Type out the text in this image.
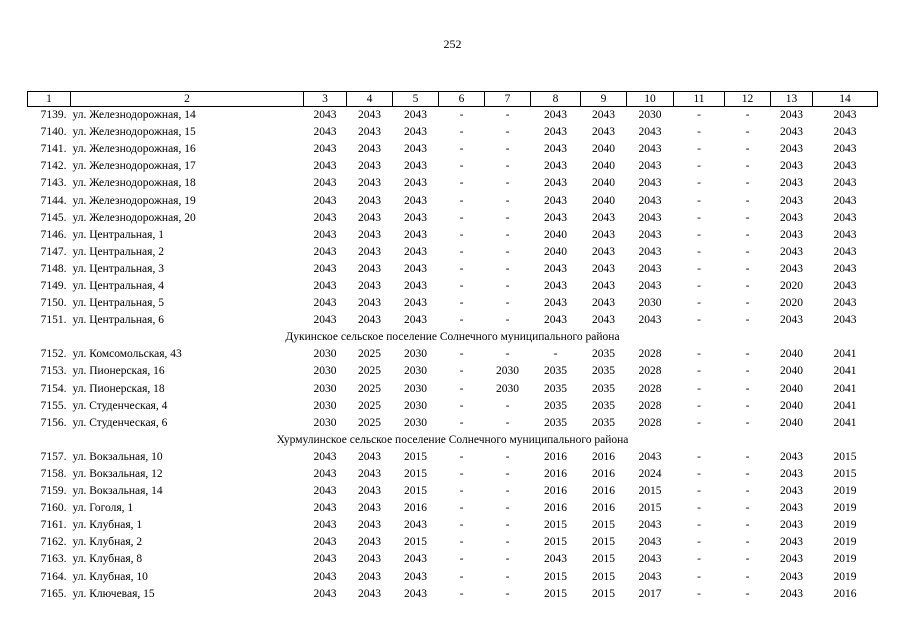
252
1	2	3	4	5	6	7	8	9	10	11	12	13	14
7139.	ул. Железнодорожная, 14	2043	2043	2043	-	-	2043	2043	2030	-	-	2043	2043
7140.	ул. Железнодорожная, 15	2043	2043	2043	-	-	2043	2043	2043	-	-	2043	2043
7141.	ул. Железнодорожная, 16	2043	2043	2043	-	-	2043	2040	2043	-	-	2043	2043
7142.	ул. Железнодорожная, 17	2043	2043	2043	-	-	2043	2040	2043	-	-	2043	2043
7143.	ул. Железнодорожная, 18	2043	2043	2043	-	-	2043	2040	2043	-	-	2043	2043
7144.	ул. Железнодорожная, 19	2043	2043	2043	-	-	2043	2040	2043	-	-	2043	2043
7145.	ул. Железнодорожная, 20	2043	2043	2043	-	-	2043	2043	2043	-	-	2043	2043
7146.	ул. Центральная, 1	2043	2043	2043	-	-	2040	2043	2043	-	-	2043	2043
7147.	ул. Центральная, 2	2043	2043	2043	-	-	2040	2043	2043	-	-	2043	2043
7148.	ул. Центральная, 3	2043	2043	2043	-	-	2043	2043	2043	-	-	2043	2043
7149.	ул. Центральная, 4	2043	2043	2043	-	-	2043	2043	2043	-	-	2020	2043
7150.	ул. Центральная, 5	2043	2043	2043	-	-	2043	2043	2030	-	-	2020	2043
7151.	ул. Центральная, 6	2043	2043	2043	-	-	2043	2043	2043	-	-	2043	2043
Дукинское сельское поселение Солнечного муниципального района													
7152.	ул. Комсомольская, 43	2030	2025	2030	-	-	-	2035	2028	-	-	2040	2041
7153.	ул. Пионерская, 16	2030	2025	2030	-	2030	2035	2035	2028	-	-	2040	2041
7154.	ул. Пионерская, 18	2030	2025	2030	-	2030	2035	2035	2028	-	-	2040	2041
7155.	ул. Студенческая, 4	2030	2025	2030	-	-	2035	2035	2028	-	-	2040	2041
7156.	ул. Студенческая, 6	2030	2025	2030	-	-	2035	2035	2028	-	-	2040	2041
Хурмулинское сельское поселение Солнечного муниципального района													
7157.	ул. Вокзальная, 10	2043	2043	2015	-	-	2016	2016	2043	-	-	2043	2015
7158.	ул. Вокзальная, 12	2043	2043	2015	-	-	2016	2016	2024	-	-	2043	2015
7159.	ул. Вокзальная, 14	2043	2043	2015	-	-	2016	2016	2015	-	-	2043	2019
7160.	ул. Гоголя, 1	2043	2043	2016	-	-	2016	2016	2015	-	-	2043	2019
7161.	ул. Клубная, 1	2043	2043	2043	-	-	2015	2015	2043	-	-	2043	2019
7162.	ул. Клубная, 2	2043	2043	2015	-	-	2015	2015	2043	-	-	2043	2019
7163.	ул. Клубная, 8	2043	2043	2043	-	-	2043	2015	2043	-	-	2043	2019
7164.	ул. Клубная, 10	2043	2043	2043	-	-	2015	2015	2043	-	-	2043	2019
7165.	ул. Ключевая, 15	2043	2043	2043	-	-	2015	2015	2017	-	-	2043	2016
